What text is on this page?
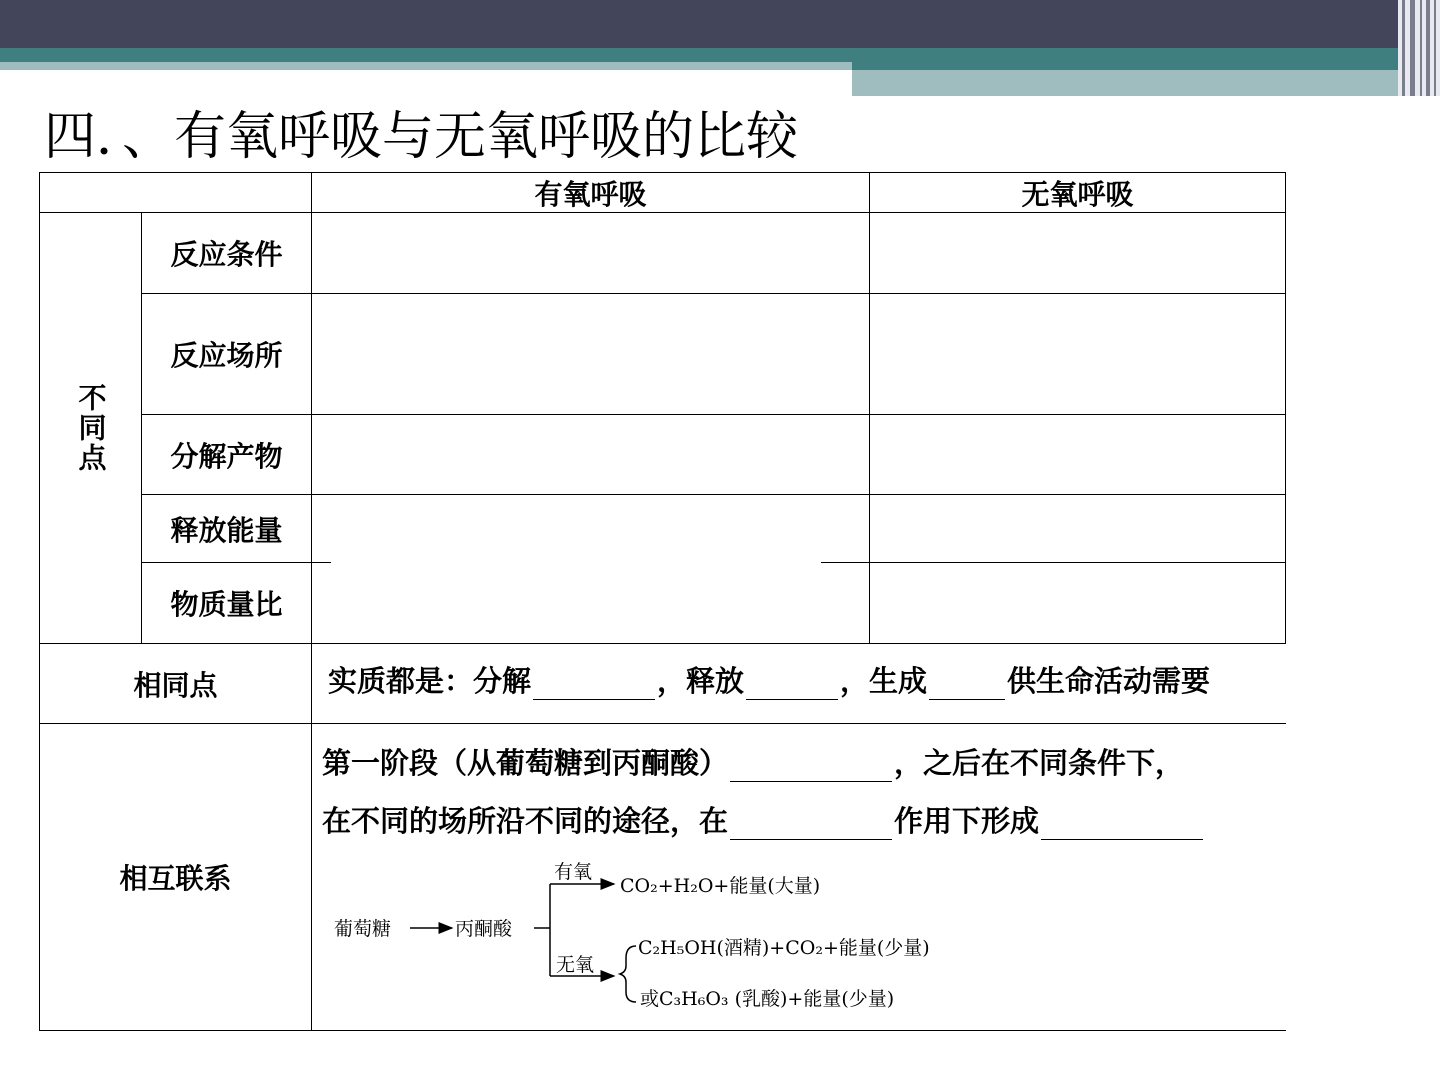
四．、有氧呼吸与无氧呼吸的比较
有氧呼吸	无氧呼吸
不同点
反应条件
反应场所
分解产物
释放能量
物质量比
相同点	实质都是：分解	，释放	，生成	供生命活动需要
相互联系
第一阶段（从葡萄糖到丙酮酸）	，之后在不同条件下，
在不同的场所沿不同的途径，在	作用下形成
葡萄糖	丙酮酸
有氧
CO₂+H₂O+能量(大量)
无氧
C₂H₅OH(酒精)+CO₂+能量(少量)
或C₃H₆O₃ (乳酸)+能量(少量)
